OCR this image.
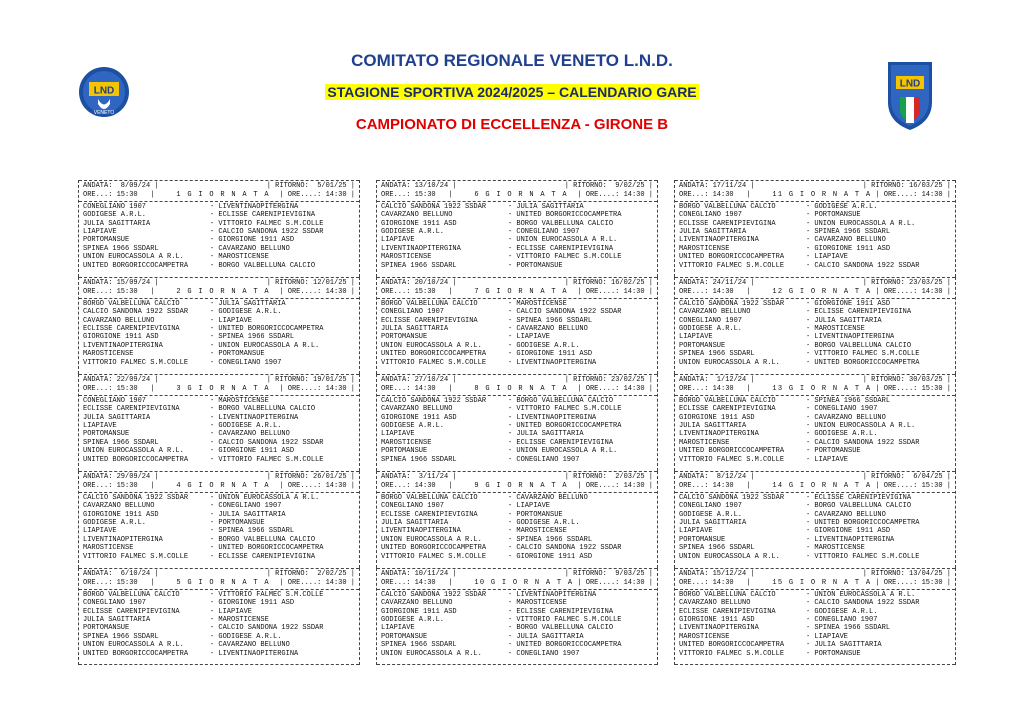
LND
VENETO
LND
COMITATO REGIONALE VENETO L.N.D.
STAGIONE SPORTIVA 2024/2025 – CALENDARIO GARE
CAMPIONATO DI ECCELLENZA - GIRONE B
ANDATA:  8/09/24 |	| RITORNO:  5/01/25 |
ORE...: 15:30   |	1 G I O R N A T A	| ORE....: 14:30 |
CONEGLIANO 1907	- LIVENTINAOPITERGINA
GODIGESE A.R.L.	- ECLISSE CARENIPIEVIGINA
JULIA SAGITTARIA	- VITTORIO FALMEC S.M.COLLE
LIAPIAVE	- CALCIO SANDONA 1922 SSDAR
PORTOMANSUE	- GIORGIONE 1911 ASD
SPINEA 1966 SSDARL	- CAVARZANO BELLUNO
UNION EUROCASSOLA A R.L.	- MAROSTICENSE
UNITED BORGORICCOCAMPETRA	- BORGO VALBELLUNA CALCIO
ANDATA: 13/10/24 |	| RITORNO:  9/02/25 |
ORE...: 15:30   |	6 G I O R N A T A	| ORE....: 14:30 |
CALCIO SANDONA 1922 SSDAR	- JULIA SAGITTARIA
CAVARZANO BELLUNO	- UNITED BORGORICCOCAMPETRA
GIORGIONE 1911 ASD	- BORGO VALBELLUNA CALCIO
GODIGESE A.R.L.	- CONEGLIANO 1907
LIAPIAVE	- UNION EUROCASSOLA A R.L.
LIVENTINAOPITERGINA	- ECLISSE CARENIPIEVIGINA
MAROSTICENSE	- VITTORIO FALMEC S.M.COLLE
SPINEA 1966 SSDARL	- PORTOMANSUE
ANDATA: 17/11/24 |	| RITORNO: 16/03/25 |
ORE...: 14:30   |	11 G I O R N A T A | ORE....: 14:30 |
BORGO VALBELLUNA CALCIO	- GODIGESE A.R.L.
CONEGLIANO 1907	- PORTOMANSUE
ECLISSE CARENIPIEVIGINA	- UNION EUROCASSOLA A R.L.
JULIA SAGITTARIA	- SPINEA 1966 SSDARL
LIVENTINAOPITERGINA	- CAVARZANO BELLUNO
MAROSTICENSE	- GIORGIONE 1911 ASD
UNITED BORGORICCOCAMPETRA	- LIAPIAVE
VITTORIO FALMEC S.M.COLLE	- CALCIO SANDONA 1922 SSDAR
ANDATA: 15/09/24 |	| RITORNO: 12/01/25 |
ORE...: 15:30   |	2 G I O R N A T A	| ORE....: 14:30 |
BORGO VALBELLUNA CALCIO	- JULIA SAGITTARIA
CALCIO SANDONA 1922 SSDAR	- GODIGESE A.R.L.
CAVARZANO BELLUNO	- LIAPIAVE
ECLISSE CARENIPIEVIGINA	- UNITED BORGORICCOCAMPETRA
GIORGIONE 1911 ASD	- SPINEA 1966 SSDARL
LIVENTINAOPITERGINA	- UNION EUROCASSOLA A R.L.
MAROSTICENSE	- PORTOMANSUE
VITTORIO FALMEC S.M.COLLE	- CONEGLIANO 1907
ANDATA: 20/10/24 |	| RITORNO: 16/02/25 |
ORE...: 15:30   |	7 G I O R N A T A	| ORE....: 14:30 |
BORGO VALBELLUNA CALCIO	- MAROSTICENSE
CONEGLIANO 1907	- CALCIO SANDONA 1922 SSDAR
ECLISSE CARENIPIEVIGINA	- SPINEA 1966 SSDARL
JULIA SAGITTARIA	- CAVARZANO BELLUNO
PORTOMANSUE	- LIAPIAVE
UNION EUROCASSOLA A R.L.	- GODIGESE A.R.L.
UNITED BORGORICCOCAMPETRA	- GIORGIONE 1911 ASD
VITTORIO FALMEC S.M.COLLE	- LIVENTINAOPITERGINA
ANDATA: 24/11/24 |	| RITORNO: 23/03/25 |
ORE...: 14:30   |	12 G I O R N A T A | ORE....: 14:30 |
CALCIO SANDONA 1922 SSDAR	- GIORGIONE 1911 ASD
CAVARZANO BELLUNO	- ECLISSE CARENIPIEVIGINA
CONEGLIANO 1907	- JULIA SAGITTARIA
GODIGESE A.R.L.	- MAROSTICENSE
LIAPIAVE	- LIVENTINAOPITERGINA
PORTOMANSUE	- BORGO VALBELLUNA CALCIO
SPINEA 1966 SSDARL	- VITTORIO FALMEC S.M.COLLE
UNION EUROCASSOLA A R.L.	- UNITED BORGORICCOCAMPETRA
ANDATA: 22/09/24 |	| RITORNO: 19/01/25 |
ORE...: 15:30   |	3 G I O R N A T A	| ORE....: 14:30 |
CONEGLIANO 1907	- MAROSTICENSE
ECLISSE CARENIPIEVIGINA	- BORGO VALBELLUNA CALCIO
JULIA SAGITTARIA	- LIVENTINAOPITERGINA
LIAPIAVE	- GODIGESE A.R.L.
PORTOMANSUE	- CAVARZANO BELLUNO
SPINEA 1966 SSDARL	- CALCIO SANDONA 1922 SSDAR
UNION EUROCASSOLA A R.L.	- GIORGIONE 1911 ASD
UNITED BORGORICCOCAMPETRA	- VITTORIO FALMEC S.M.COLLE
ANDATA: 27/10/24 |	| RITORNO: 23/02/25 |
ORE...: 14:30   |	8 G I O R N A T A	| ORE....: 14:30 |
CALCIO SANDONA 1922 SSDAR	- BORGO VALBELLUNA CALCIO
CAVARZANO BELLUNO	- VITTORIO FALMEC S.M.COLLE
GIORGIONE 1911 ASD	- LIVENTINAOPITERGINA
GODIGESE A.R.L.	- UNITED BORGORICCOCAMPETRA
LIAPIAVE	- JULIA SAGITTARIA
MAROSTICENSE	- ECLISSE CARENIPIEVIGINA
PORTOMANSUE	- UNION EUROCASSOLA A R.L.
SPINEA 1966 SSDARL	- CONEGLIANO 1907
ANDATA:  1/12/24 |	| RITORNO: 30/03/25 |
ORE...: 14:30   |	13 G I O R N A T A | ORE....: 15:30 |
BORGO VALBELLUNA CALCIO	- SPINEA 1966 SSDARL
ECLISSE CARENIPIEVIGINA	- CONEGLIANO 1907
GIORGIONE 1911 ASD	- CAVARZANO BELLUNO
JULIA SAGITTARIA	- UNION EUROCASSOLA A R.L.
LIVENTINAOPITERGINA	- GODIGESE A.R.L.
MAROSTICENSE	- CALCIO SANDONA 1922 SSDAR
UNITED BORGORICCOCAMPETRA	- PORTOMANSUE
VITTORIO FALMEC S.M.COLLE	- LIAPIAVE
ANDATA: 29/09/24 |	| RITORNO: 26/01/25 |
ORE...: 15:30   |	4 G I O R N A T A	| ORE....: 14:30 |
CALCIO SANDONA 1922 SSDAR	- UNION EUROCASSOLA A R.L.
CAVARZANO BELLUNO	- CONEGLIANO 1907
GIORGIONE 1911 ASD	- JULIA SAGITTARIA
GODIGESE A.R.L.	- PORTOMANSUE
LIAPIAVE	- SPINEA 1966 SSDARL
LIVENTINAOPITERGINA	- BORGO VALBELLUNA CALCIO
MAROSTICENSE	- UNITED BORGORICCOCAMPETRA
VITTORIO FALMEC S.M.COLLE	- ECLISSE CARENIPIEVIGINA
ANDATA:  3/11/24 |	| RITORNO:  2/03/25 |
ORE...: 14:30   |	9 G I O R N A T A	| ORE....: 14:30 |
BORGO VALBELLUNA CALCIO	- CAVARZANO BELLUNO
CONEGLIANO 1907	- LIAPIAVE
ECLISSE CARENIPIEVIGINA	- PORTOMANSUE
JULIA SAGITTARIA	- GODIGESE A.R.L.
LIVENTINAOPITERGINA	- MAROSTICENSE
UNION EUROCASSOLA A R.L.	- SPINEA 1966 SSDARL
UNITED BORGORICCOCAMPETRA	- CALCIO SANDONA 1922 SSDAR
VITTORIO FALMEC S.M.COLLE	- GIORGIONE 1911 ASD
ANDATA:  8/12/24 |	| RITORNO:  6/04/25 |
ORE...: 14:30   |	14 G I O R N A T A | ORE....: 15:30 |
CALCIO SANDONA 1922 SSDAR	- ECLISSE CARENIPIEVIGINA
CONEGLIANO 1907	- BORGO VALBELLUNA CALCIO
GODIGESE A.R.L.	- CAVARZANO BELLUNO
JULIA SAGITTARIA	- UNITED BORGORICCOCAMPETRA
LIAPIAVE	- GIORGIONE 1911 ASD
PORTOMANSUE	- LIVENTINAOPITERGINA
SPINEA 1966 SSDARL	- MAROSTICENSE
UNION EUROCASSOLA A R.L.	- VITTORIO FALMEC S.M.COLLE
ANDATA:  6/10/24 |	| RITORNO:  2/02/25 |
ORE...: 15:30   |	5 G I O R N A T A	| ORE....: 14:30 |
BORGO VALBELLUNA CALCIO	- VITTORIO FALMEC S.M.COLLE
CONEGLIANO 1907	- GIORGIONE 1911 ASD
ECLISSE CARENIPIEVIGINA	- LIAPIAVE
JULIA SAGITTARIA	- MAROSTICENSE
PORTOMANSUE	- CALCIO SANDONA 1922 SSDAR
SPINEA 1966 SSDARL	- GODIGESE A.R.L.
UNION EUROCASSOLA A R.L.	- CAVARZANO BELLUNO
UNITED BORGORICCOCAMPETRA	- LIVENTINAOPITERGINA
ANDATA: 10/11/24 |	| RITORNO:  9/03/25 |
ORE...: 14:30   |	10 G I O R N A T A | ORE....: 14:30 |
CALCIO SANDONA 1922 SSDAR	- LIVENTINAOPITERGINA
CAVARZANO BELLUNO	- MAROSTICENSE
GIORGIONE 1911 ASD	- ECLISSE CARENIPIEVIGINA
GODIGESE A.R.L.	- VITTORIO FALMEC S.M.COLLE
LIAPIAVE	- BORGO VALBELLUNA CALCIO
PORTOMANSUE	- JULIA SAGITTARIA
SPINEA 1966 SSDARL	- UNITED BORGORICCOCAMPETRA
UNION EUROCASSOLA A R.L.	- CONEGLIANO 1907
ANDATA: 15/12/24 |	| RITORNO: 13/04/25 |
ORE...: 14:30   |	15 G I O R N A T A | ORE....: 15:30 |
BORGO VALBELLUNA CALCIO	- UNION EUROCASSOLA A R.L.
CAVARZANO BELLUNO	- CALCIO SANDONA 1922 SSDAR
ECLISSE CARENIPIEVIGINA	- GODIGESE A.R.L.
GIORGIONE 1911 ASD	- CONEGLIANO 1907
LIVENTINAOPITERGINA	- SPINEA 1966 SSDARL
MAROSTICENSE	- LIAPIAVE
UNITED BORGORICCOCAMPETRA	- JULIA SAGITTARIA
VITTORIO FALMEC S.M.COLLE	- PORTOMANSUE
